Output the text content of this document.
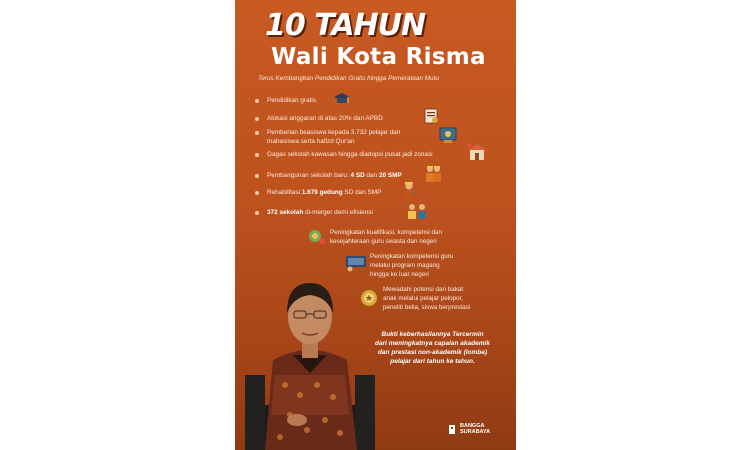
10 TAHUN
Wali Kota Risma
Terus Kembangkan Pendidikan Gratis hingga Pemerataan Mutu
Pendidikan gratis
Alokasi anggaran di atas 20% dari APBD
Pemberian beasiswa kepada 3.732 pelajar dan
mahasiswa serta hafizd Qur'an
Gagas sekolah kawasan hingga diadopsi pusat jadi zonasi
Pembangunan sekolah baru: 4 SD dan 20 SMP
Rehabilitasi 1.679 gedung SD dan SMP
372 sekolah di-merger demi efisiensi
Peningkatan kualifikasi, kompetensi dan
kesejahteraan guru swasta dan negeri
Peningkatan kompetensi guru
melalui program magang
hingga ke luar negeri
Mewadahi potensi dan bakat
anak melalui pelajar pelopor,
peneliti belia, siswa berprestasi
Bukti keberhasilannya Tercermin
dari meningkatnya capaian akademik
dan prestasi non-akademik (lomba)
pelajar dari tahun ke tahun.
BANGGA
SURABAYA
